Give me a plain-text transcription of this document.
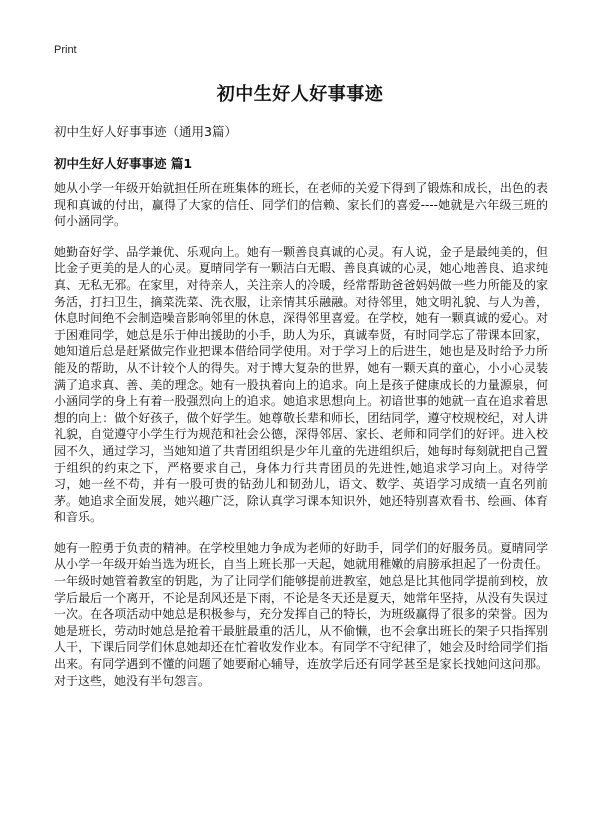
Print
初中生好人好事事迹
初中生好人好事事迹（通用3篇）
初中生好人好事事迹 篇1

她从小学一年级开始就担任所在班集体的班长，在老师的关爱下得到了锻炼和成长，出色的表现和真诚的付出，赢得了大家的信任、同学们的信赖、家长们的喜爱----她就是六年级三班的何小涵同学。

她勤奋好学、品学兼优、乐观向上。她有一颗善良真诚的心灵。有人说，金子是最纯美的，但比金子更美的是人的心灵。夏晴同学有一颗洁白无暇、善良真诚的心灵，她心地善良、追求纯真、无私无邪。在家里，对待亲人，关注亲人的冷暖，经常帮助爸爸妈妈做一些力所能及的家务活，打扫卫生，摘菜洗菜、洗衣服，让亲情其乐融融。对待邻里，她文明礼貌、与人为善，休息时间绝不会制造噪音影响邻里的休息，深得邻里喜爱。在学校，她有一颗真诚的爱心。对于困难同学，她总是乐于伸出援助的小手，助人为乐，真诚奉贤，有时同学忘了带课本回家，她知道后总是赶紧做完作业把课本借给同学使用。对于学习上的后进生，她也是及时给予力所能及的帮助，从不计较个人的得失。对于博大复杂的世界，她有一颗天真的童心，小小心灵装满了追求真、善、美的理念。她有一股执着向上的追求。向上是孩子健康成长的力量源泉，何小涵同学的身上有着一股强烈向上的追求。她追求思想向上。初谙世事的她就一直在追求着思想的向上：做个好孩子，做个好学生。她尊敬长辈和师长，团结同学，遵守校规校纪，对人讲礼貌，自觉遵守小学生行为规范和社会公德，深得邻居、家长、老师和同学们的好评。进入校园不久，通过学习，当她知道了共青团组织是少年儿童的先进组织后，她每时每刻就把自己置于组织的约束之下，严格要求自己，身体力行共青团员的先进性,她追求学习向上。对待学习，她一丝不苟，并有一股可贵的钻劲儿和韧劲儿，语文、数学、英语学习成绩一直名列前茅。她追求全面发展，她兴趣广泛，除认真学习课本知识外，她还特别喜欢看书、绘画、体育和音乐。

她有一腔勇于负责的精神。在学校里她力争成为老师的好助手，同学们的好服务员。夏晴同学从小学一年级开始当选为班长，自当上班长那一天起，她就用稚嫩的肩膀承担起了一份责任。一年级时她管着教室的钥匙，为了让同学们能够提前进教室，她总是比其他同学提前到校，放学后最后一个离开，不论是刮风还是下雨，不论是冬天还是夏天，她常年坚持，从没有失误过一次。在各项活动中她总是积极参与，充分发挥自己的特长，为班级赢得了很多的荣誉。因为她是班长，劳动时她总是抢着干最脏最重的活儿，从不偷懒，也不会拿出班长的架子只指挥别人干，下课后同学们休息她却还在忙着收发作业本。有同学不守纪律了，她会及时给同学们指出来。有同学遇到不懂的问题了她要耐心辅导，连放学后还有同学甚至是家长找她问这问那。对于这些，她没有半句怨言。
